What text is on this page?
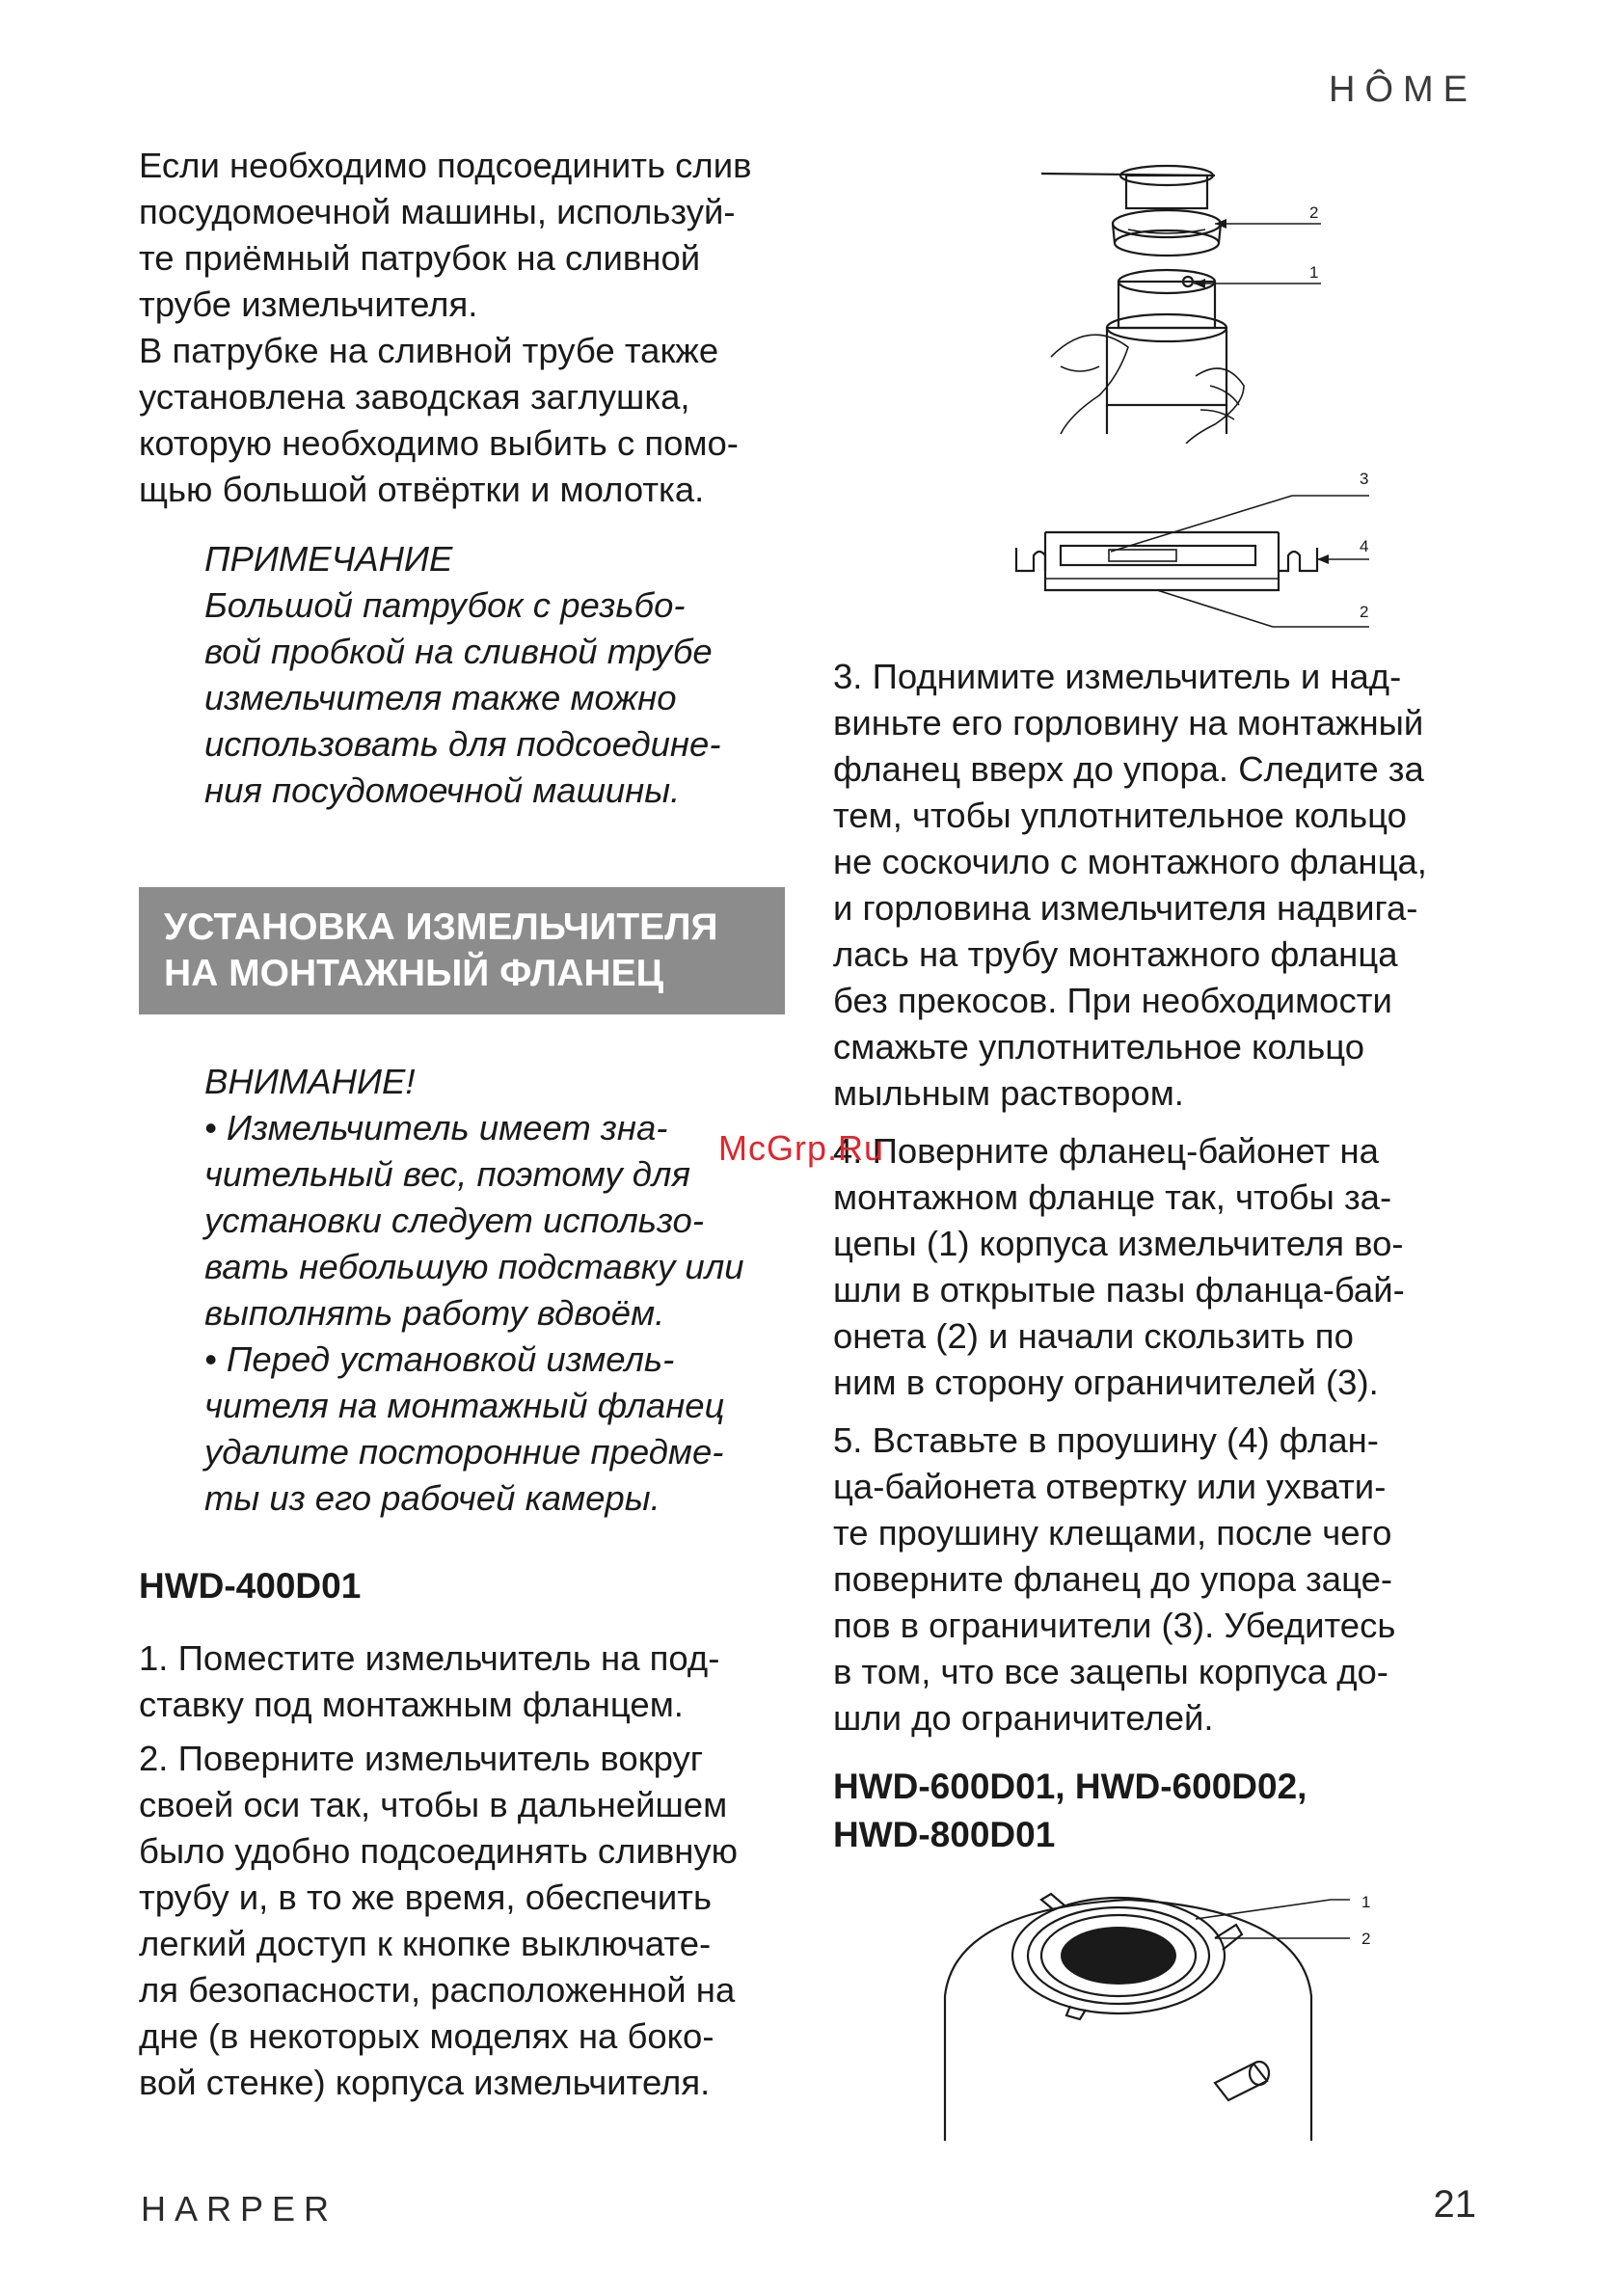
HÔME

Если необходимо подсоединить слив

посудомоечной машины, используй-

те приёмный патрубок на сливной

трубе измельчителя.

В патрубке на сливной трубе также

установлена заводская заглушка,

которую необходимо выбить с помо-

щью большой отвёртки и молотка.

ПРИМЕЧАНИЕ

Большой патрубок с резьбо-

вой пробкой на сливной трубе

измельчителя также можно

использовать для подсоедине-

ния посудомоечной машины.

УСТАНОВКА ИЗМЕЛЬЧИТЕЛЯ
НА МОНТАЖНЫЙ ФЛАНЕЦ

ВНИМАНИЕ!

• Измельчитель имеет зна-

чительный вес, поэтому для

установки следует использо-

вать небольшую подставку или

выполнять работу вдвоём.

• Перед установкой измель-

чителя на монтажный фланец

удалите посторонние предме-

ты из его рабочей камеры.

HWD-400D01

1. Поместите измельчитель на под-

ставку под монтажным фланцем.

2. Поверните измельчитель вокруг

своей оси так, чтобы в дальнейшем

было удобно подсоединять сливную

трубу и, в то же время, обеспечить

легкий доступ к кнопке выключате-

ля безопасности, расположенной на

дне (в некоторых моделях на боко-

вой стенке) корпуса измельчителя.

2
1
3
4
2

3. Поднимите измельчитель и над-

виньте его горловину на монтажный

фланец вверх до упора. Следите за

тем, чтобы уплотнительное кольцо

не соскочило с монтажного фланца,

и горловина измельчителя надвига-

лась на трубу монтажного фланца

без прекосов. При необходимости

смажьте уплотнительное кольцо

мыльным раствором.

4. Поверните фланец-байонет на

монтажном фланце так, чтобы за-

цепы (1) корпуса измельчителя во-

шли в открытые пазы фланца-бай-

онета (2) и начали скользить по

ним в сторону ограничителей (3).

5. Вставьте в проушину (4) флан-

ца-байонета отвертку или ухвати-

те проушину клещами, после чего

поверните фланец до упора заце-

пов в ограничители (3). Убедитесь

в том, что все зацепы корпуса до-

шли до ограничителей.

HWD-600D01, HWD-600D02,
HWD-800D01
1
2
McGrp.Ru
HARPER	21
